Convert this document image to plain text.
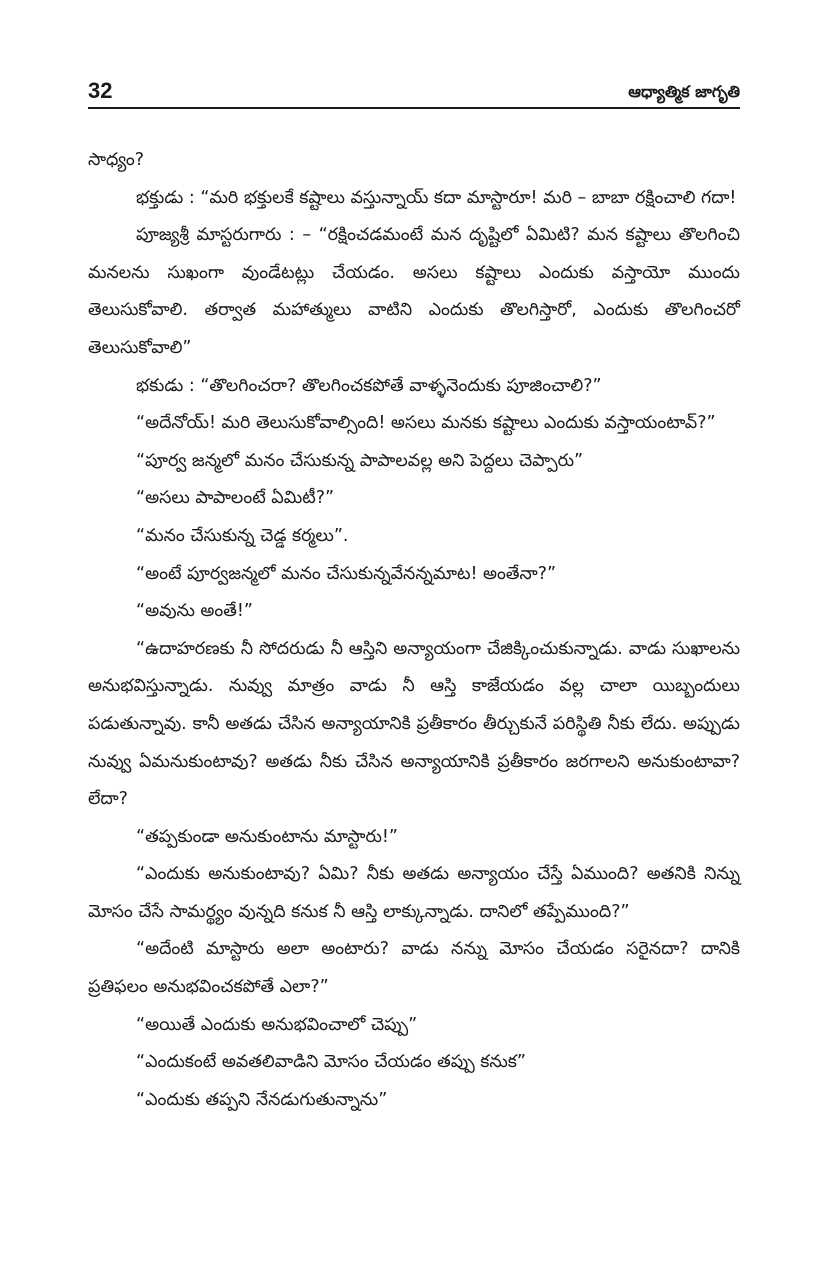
32	ఆధ్యాత్మిక జాగృతి

సాధ్యం?

భక్తుడు : “మరి భక్తులకే కష్టాలు వస్తున్నాయ్ కదా మాస్టారూ! మరి – బాబా రక్షించాలి గదా!

పూజ్యశ్రీ మాస్టరుగారు : – “రక్షించడమంటే మన దృష్టిలో ఏమిటి? మన కష్టాలు తొలగించి మనలను సుఖంగా వుండేటట్లు చేయడం. అసలు కష్టాలు ఎందుకు వస్తాయో ముందు తెలుసుకోవాలి. తర్వాత మహాత్ములు వాటిని ఎందుకు తొలగిస్తారో, ఎందుకు తొలగించరో తెలుసుకోవాలి”

భకుడు : “తొలగించరా? తొలగించకపోతే వాళ్ళనెందుకు పూజించాలి?”

“అదేనోయ్! మరి తెలుసుకోవాల్సింది! అసలు మనకు కష్టాలు ఎందుకు వస్తాయంటావ్?”

“పూర్వ జన్మలో మనం చేసుకున్న పాపాలవల్ల అని పెద్దలు చెప్పారు”

“అసలు పాపాలంటే ఏమిటీ?”

“మనం చేసుకున్న చెడ్డ కర్మలు”.

“అంటే పూర్వజన్మలో మనం చేసుకున్నవేనన్నమాట! అంతేనా?”

“అవును అంతే!”

“ఉదాహరణకు నీ సోదరుడు నీ ఆస్తిని అన్యాయంగా చేజిక్కించుకున్నాడు. వాడు సుఖాలను అనుభవిస్తున్నాడు. నువ్వు మాత్రం వాడు నీ ఆస్తి కాజేయడం వల్ల చాలా యిబ్బందులు పడుతున్నావు. కానీ అతడు చేసిన అన్యాయానికి ప్రతీకారం తీర్చుకునే పరిస్థితి నీకు లేదు. అప్పుడు నువ్వు ఏమనుకుంటావు? అతడు నీకు చేసిన అన్యాయానికి ప్రతీకారం జరగాలని అనుకుంటావా? లేదా?

“తప్పకుండా అనుకుంటాను మాస్టారు!”

“ఎందుకు అనుకుంటావు? ఏమి? నీకు అతడు అన్యాయం చేస్తే ఏముంది? అతనికి నిన్ను మోసం చేసే సామర్థ్యం వున్నది కనుక నీ ఆస్తి లాక్కున్నాడు. దానిలో తప్పేముంది?”

“అదేంటి మాస్టారు అలా అంటారు? వాడు నన్ను మోసం చేయడం సరైనదా? దానికి ప్రతిఫలం అనుభవించకపోతే ఎలా?”

“అయితే ఎందుకు అనుభవించాలో చెప్పు”

“ఎందుకంటే అవతలివాడిని మోసం చేయడం తప్పు కనుక”

“ఎందుకు తప్పని నేనడుగుతున్నాను”
